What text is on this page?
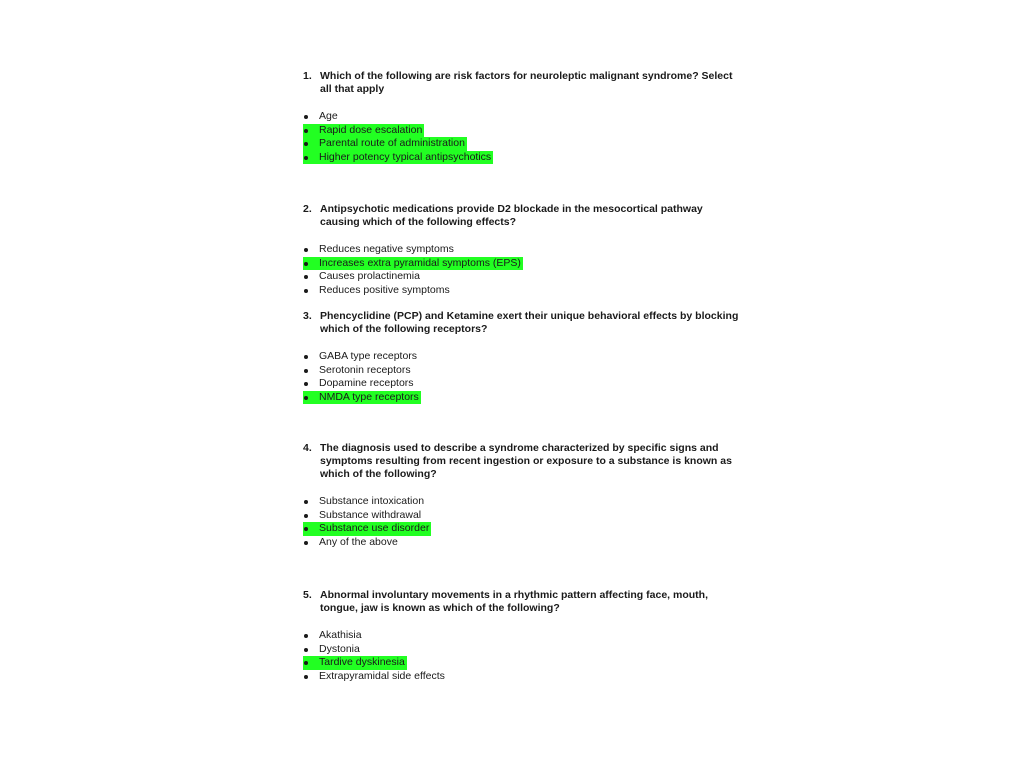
1. Which of the following are risk factors for neuroleptic malignant syndrome? Select all that apply
Age
Rapid dose escalation
Parental route of administration
Higher potency typical antipsychotics
2. Antipsychotic medications provide D2 blockade in the mesocortical pathway causing which of the following effects?
Reduces negative symptoms
Increases extra pyramidal symptoms (EPS)
Causes prolactinemia
Reduces positive symptoms
3. Phencyclidine (PCP) and Ketamine exert their unique behavioral effects by blocking which of the following receptors?
GABA type receptors
Serotonin receptors
Dopamine receptors
NMDA type receptors
4. The diagnosis used to describe a syndrome characterized by specific signs and symptoms resulting from recent ingestion or exposure to a substance is known as which of the following?
Substance intoxication
Substance withdrawal
Substance use disorder
Any of the above
5. Abnormal involuntary movements in a rhythmic pattern affecting face, mouth, tongue, jaw is known as which of the following?
Akathisia
Dystonia
Tardive dyskinesia
Extrapyramidal side effects
